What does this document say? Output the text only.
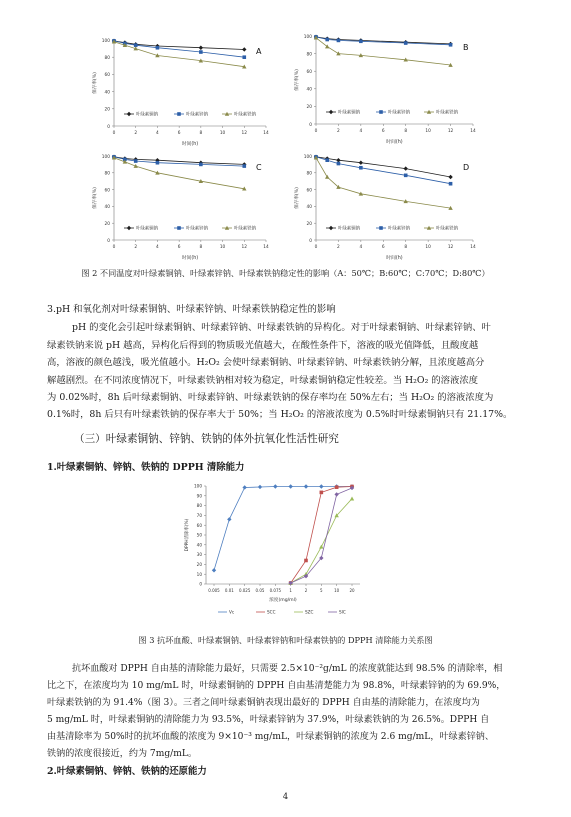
0
20
40
60
80
100
0	2	4	6	8	10	12	14
时间(h)
保存率(%)
A
叶绿素铜钠	叶绿素锌钠	叶绿素铁钠
0
20
40
60
80
100
0	2	4	6	8	10	12	14
时间(h)
保存率(%)
B
叶绿素铜钠	叶绿素锌钠	叶绿素铁钠
0
20
40
60
80
100
0	2	4	6	8	10	12	14
时间(h)
保存率(%)
C
叶绿素铜钠	叶绿素锌钠	叶绿素铁钠
0
20
40
60
80
100
0	2	4	6	8	10	12	14
时间(h)
保存率(%)
D
叶绿素铜钠	叶绿素锌钠	叶绿素铁钠
图 2 不同温度对叶绿素铜钠、叶绿素锌钠、叶绿素铁钠稳定性的影响（A：50℃；B:60℃；C:70℃；D:80℃）
3.pH 和氧化剂对叶绿素铜钠、叶绿素锌钠、叶绿素铁钠稳定性的影响
pH 的变化会引起叶绿素铜钠、叶绿素锌钠、叶绿素铁钠的异构化。对于叶绿素铜钠、叶绿素锌钠、叶
绿素铁钠来说 pH 越高，异构化后得到的物质吸光值越大，在酸性条件下，溶液的吸光值降低，且酸度越
高，溶液的颜色越浅，吸光值越小。H₂O₂ 会使叶绿素铜钠、叶绿素锌钠、叶绿素铁钠分解，且浓度越高分
解越剧烈。在不同浓度情况下，叶绿素铁钠相对较为稳定，叶绿素铜钠稳定性较差。当 H₂O₂ 的溶液浓度
为 0.02%时，8h 后叶绿素铜钠、叶绿素锌钠、叶绿素铁钠的保存率均在 50%左右；当 H₂O₂ 的溶液浓度为
0.1%时，8h 后只有叶绿素铁钠的保存率大于 50%；当 H₂O₂ 的溶液浓度为 0.5%时叶绿素铜钠只有 21.17%。
（三）叶绿素铜钠、锌钠、铁钠的体外抗氧化性活性研究
1.叶绿素铜钠、锌钠、铁钠的 DPPH 清除能力
0
10
20
30
40
50
60
70
80
90
100
0.005 0.01 0.025 0.05 0.075 1	2	5	10	20
浓度(mg/ml)
DPPH清除率(%)
Vc	SCC	SZC	SIC
图 3 抗坏血酸、叶绿素铜钠、叶绿素锌钠和叶绿素铁钠的 DPPH 清除能力关系图
抗坏血酸对 DPPH 自由基的清除能力最好，只需要 2.5×10⁻²g/mL 的浓度就能达到 98.5% 的清除率，相
比之下，在浓度均为 10 mg/mL 时，叶绿素铜钠的 DPPH 自由基清楚能力为 98.8%，叶绿素锌钠的为 69.9%，
叶绿素铁钠的为 91.4%（图 3）。三者之间叶绿素铜钠表现出最好的 DPPH 自由基的清除能力，在浓度均为
5 mg/mL 时，叶绿素铜钠的清除能力为 93.5%，叶绿素锌钠为 37.9%，叶绿素铁钠的为 26.5%。DPPH 自
由基清除率为 50%时的抗坏血酸的浓度为 9×10⁻³ mg/mL，叶绿素铜钠的浓度为 2.6 mg/mL，叶绿素锌钠、
铁钠的浓度很接近，约为 7mg/mL。
2.叶绿素铜钠、锌钠、铁钠的还原能力
4
